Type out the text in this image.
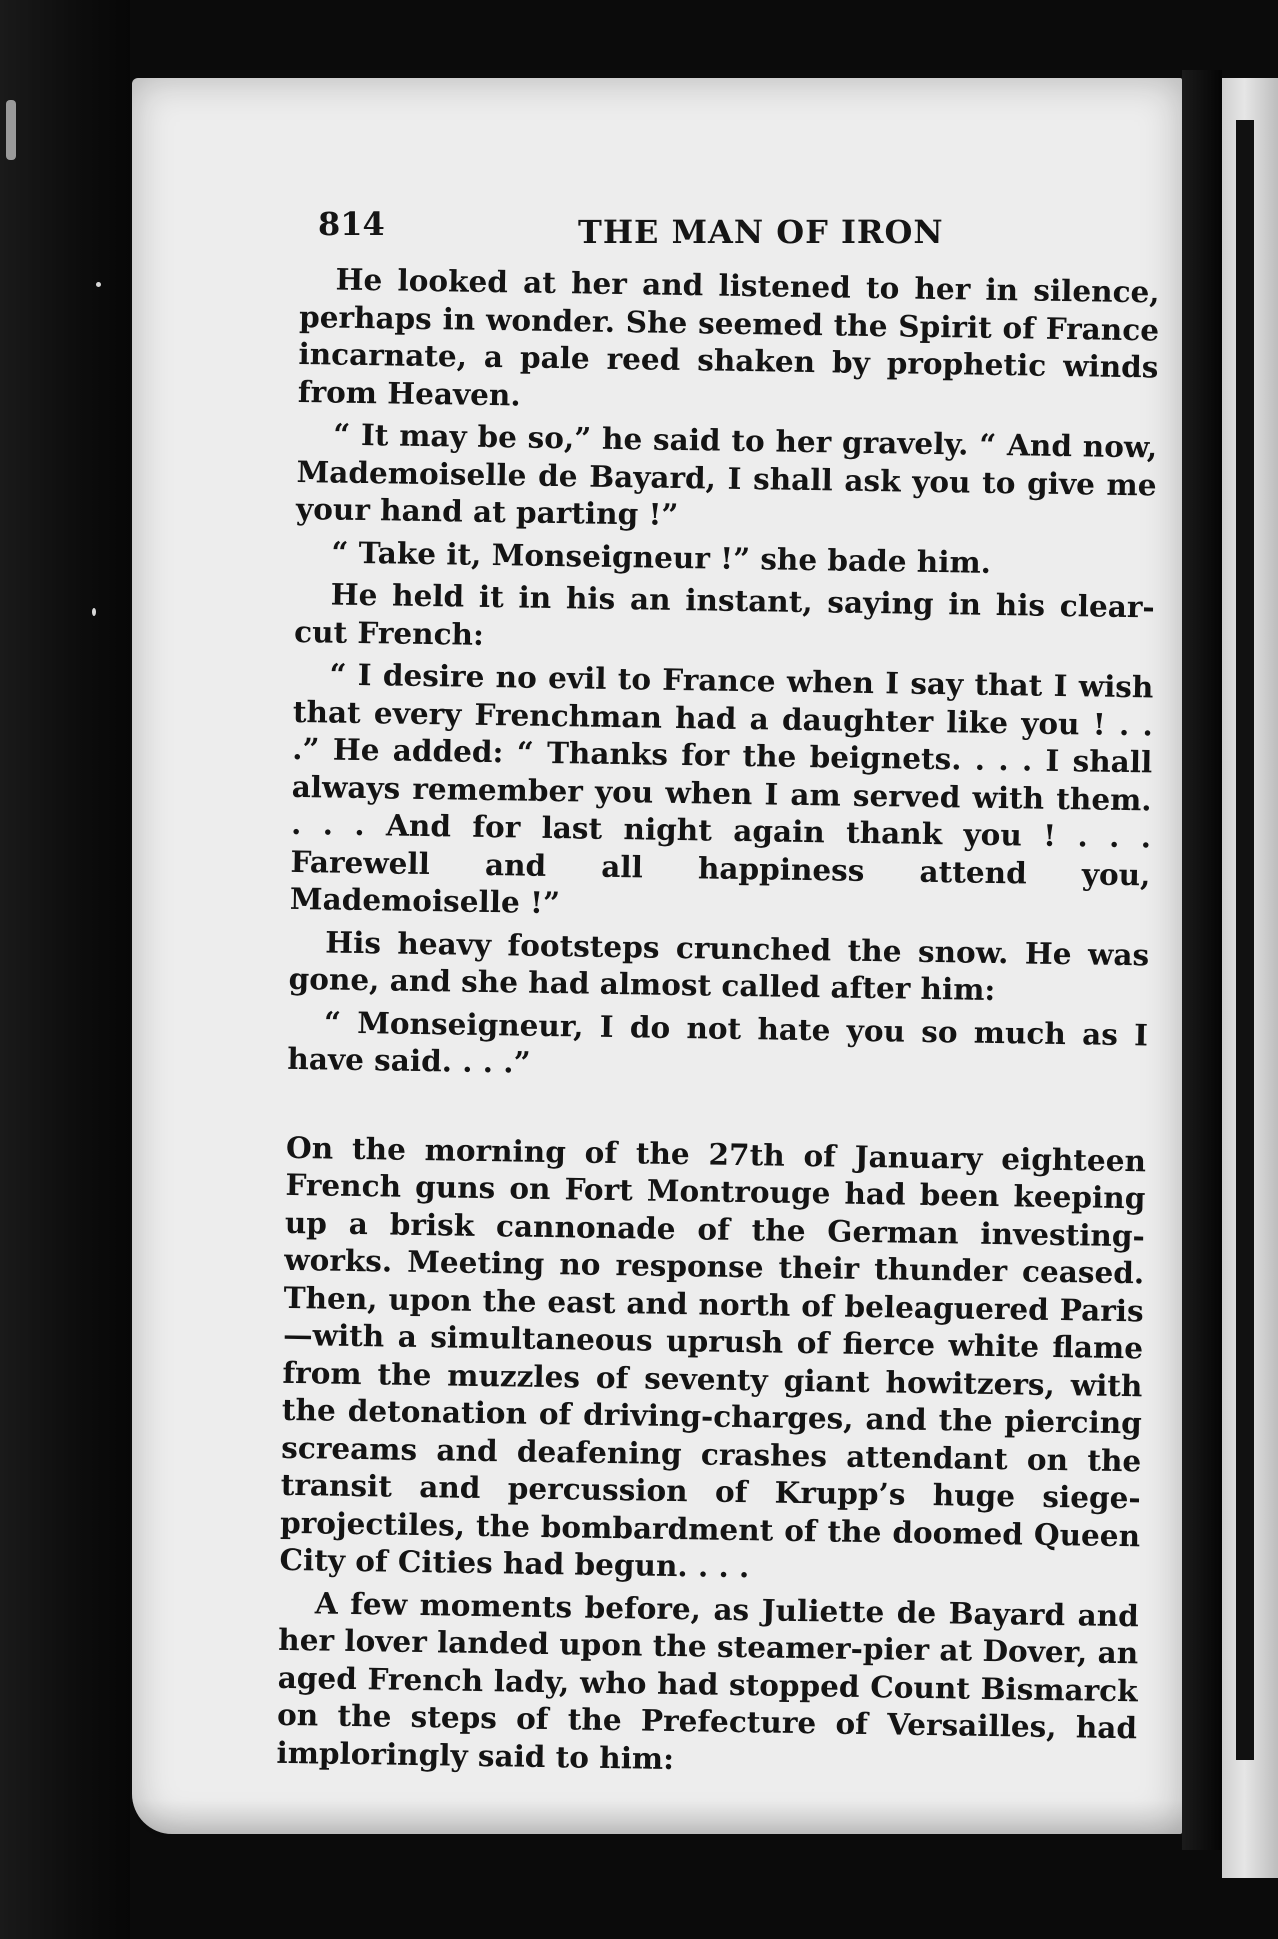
814	THE MAN OF IRON

He looked at her and listened to her in silence, perhaps in wonder. She seemed the Spirit of France incarnate, a pale reed shaken by prophetic winds from Heaven.

“ It may be so,” he said to her gravely. “ And now, Mademoiselle de Bayard, I shall ask you to give me your hand at parting !”

“ Take it, Monseigneur !” she bade him.

He held it in his an instant, saying in his clear-cut French:

“ I desire no evil to France when I say that I wish that every Frenchman had a daughter like you ! . . .” He added: “ Thanks for the beignets. . . . I shall always remember you when I am served with them. . . . And for last night again thank you ! . . . Farewell and all happiness attend you, Mademoiselle !”

His heavy footsteps crunched the snow. He was gone, and she had almost called after him:

“ Monseigneur, I do not hate you so much as I have said. . . .”

On the morning of the 27th of January eighteen French guns on Fort Montrouge had been keeping up a brisk cannonade of the German investing-works. Meeting no response their thunder ceased. Then, upon the east and north of beleaguered Paris—with a simultaneous uprush of fierce white flame from the muzzles of seventy giant howitzers, with the detonation of driving-charges, and the piercing screams and deafening crashes attendant on the transit and percussion of Krupp’s huge siege-projectiles, the bombardment of the doomed Queen City of Cities had begun. . . .

A few moments before, as Juliette de Bayard and her lover landed upon the steamer-pier at Dover, an aged French lady, who had stopped Count Bismarck on the steps of the Prefecture of Versailles, had imploringly said to him:
